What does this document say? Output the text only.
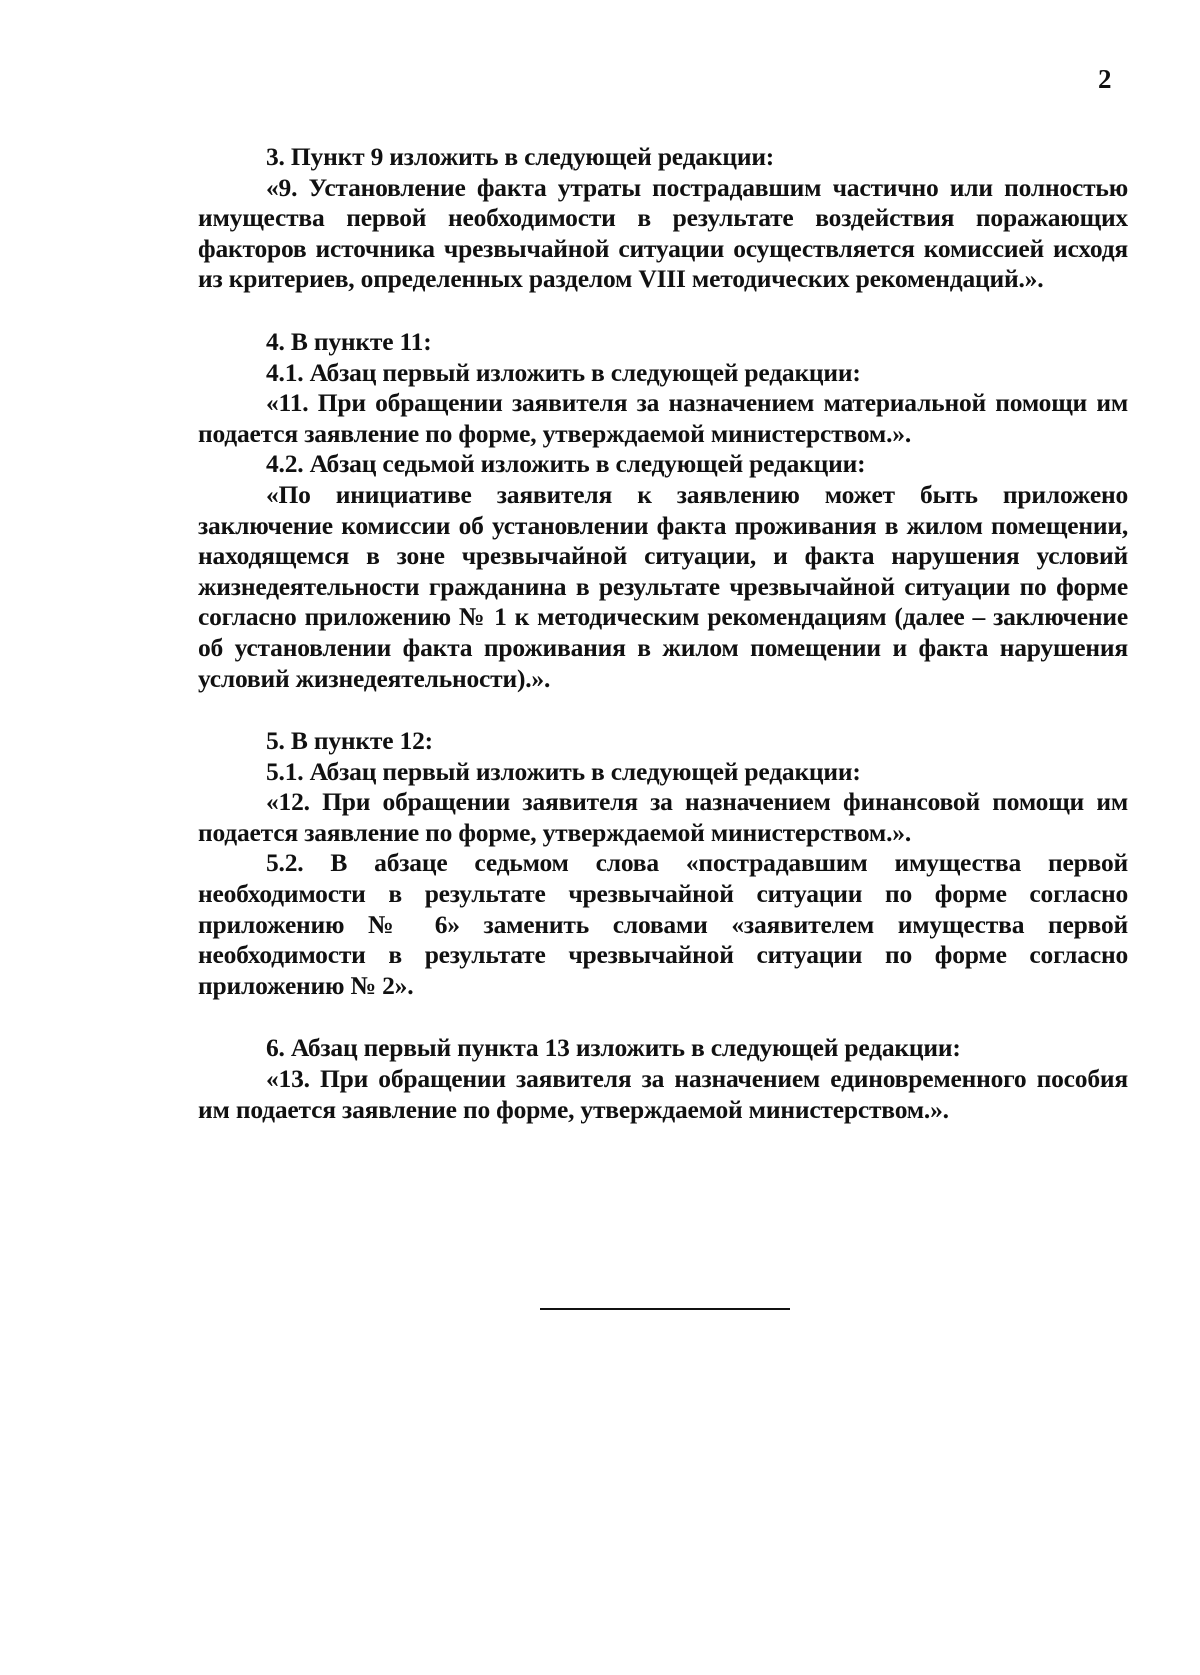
2

3. Пункт 9 изложить в следующей редакции:

«9. Установление факта утраты пострадавшим частично или полностью имущества первой необходимости в результате воздействия поражающих факторов источника чрезвычайной ситуации осуществляется комиссией исходя из критериев, определенных разделом VIII методических рекомендаций.».

4. В пункте 11:

4.1. Абзац первый изложить в следующей редакции:

«11. При обращении заявителя за назначением материальной помощи им подается заявление по форме, утверждаемой министерством.».

4.2. Абзац седьмой изложить в следующей редакции:

«По инициативе заявителя к заявлению может быть приложено заключение комиссии об установлении факта проживания в жилом помещении, находящемся в зоне чрезвычайной ситуации, и факта нарушения условий жизнедеятельности гражданина в результате чрезвычайной ситуации по форме согласно приложению № 1 к методическим рекомендациям (далее – заключение об установлении факта проживания в жилом помещении и факта нарушения условий жизнедеятельности).».

5. В пункте 12:

5.1. Абзац первый изложить в следующей редакции:

«12. При обращении заявителя за назначением финансовой помощи им подается заявление по форме, утверждаемой министерством.».

5.2. В абзаце седьмом слова «пострадавшим имущества первой необходимости в результате чрезвычайной ситуации по форме согласно приложению № 6» заменить словами «заявителем имущества первой необходимости в результате чрезвычайной ситуации по форме согласно приложению № 2».

6. Абзац первый пункта 13 изложить в следующей редакции:

«13. При обращении заявителя за назначением единовременного пособия им подается заявление по форме, утверждаемой министерством.».
